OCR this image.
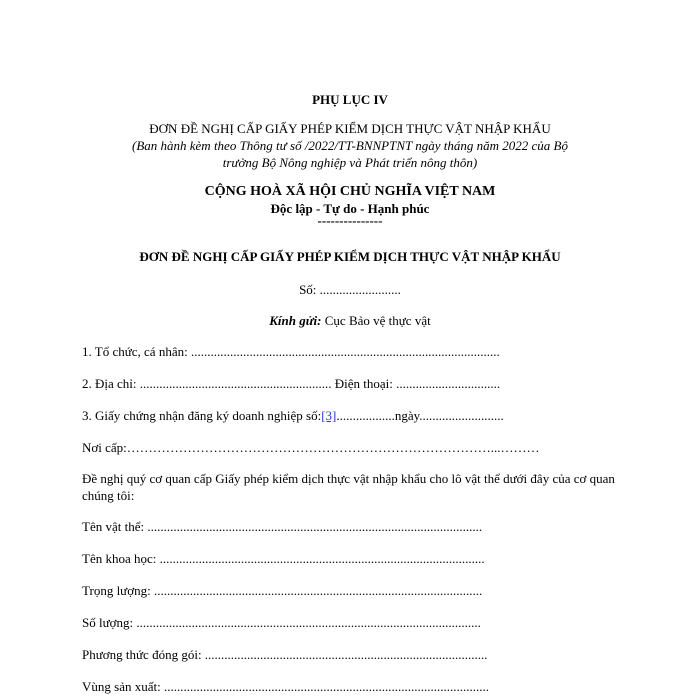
PHỤ LỤC IV
ĐƠN ĐỀ NGHỊ CẤP GIẤY PHÉP KIỂM DỊCH THỰC VẬT NHẬP KHẨU
(Ban hành kèm theo Thông tư số /2022/TT-BNNPTNT ngày tháng năm 2022 của Bộ
trưởng Bộ Nông nghiệp và Phát triển nông thôn)
CỘNG HOÀ XÃ HỘI CHỦ NGHĨA VIỆT NAM
Độc lập - Tự do - Hạnh phúc
---------------
ĐƠN ĐỀ NGHỊ CẤP GIẤY PHÉP KIỂM DỊCH THỰC VẬT NHẬP KHẨU
Số: .........................
Kính gửi: Cục Bảo vệ thực vật
1. Tổ chức, cá nhân: ...............................................................................................
2. Địa chỉ: ........................................................... Điện thoại: ................................
3. Giấy chứng nhận đăng ký doanh nghiệp số:[3]..................ngày..........................
Nơi cấp:…………………………………………………………………………...………
Đề nghị quý cơ quan cấp Giấy phép kiểm dịch thực vật nhập khẩu cho lô vật thể dưới đây của cơ quan chúng tôi:
Tên vật thể: .......................................................................................................
Tên khoa học: ....................................................................................................
Trọng lượng: .....................................................................................................
Số lượng: ..........................................................................................................
Phương thức đóng gói: .......................................................................................
Vùng sản xuất: ....................................................................................................
